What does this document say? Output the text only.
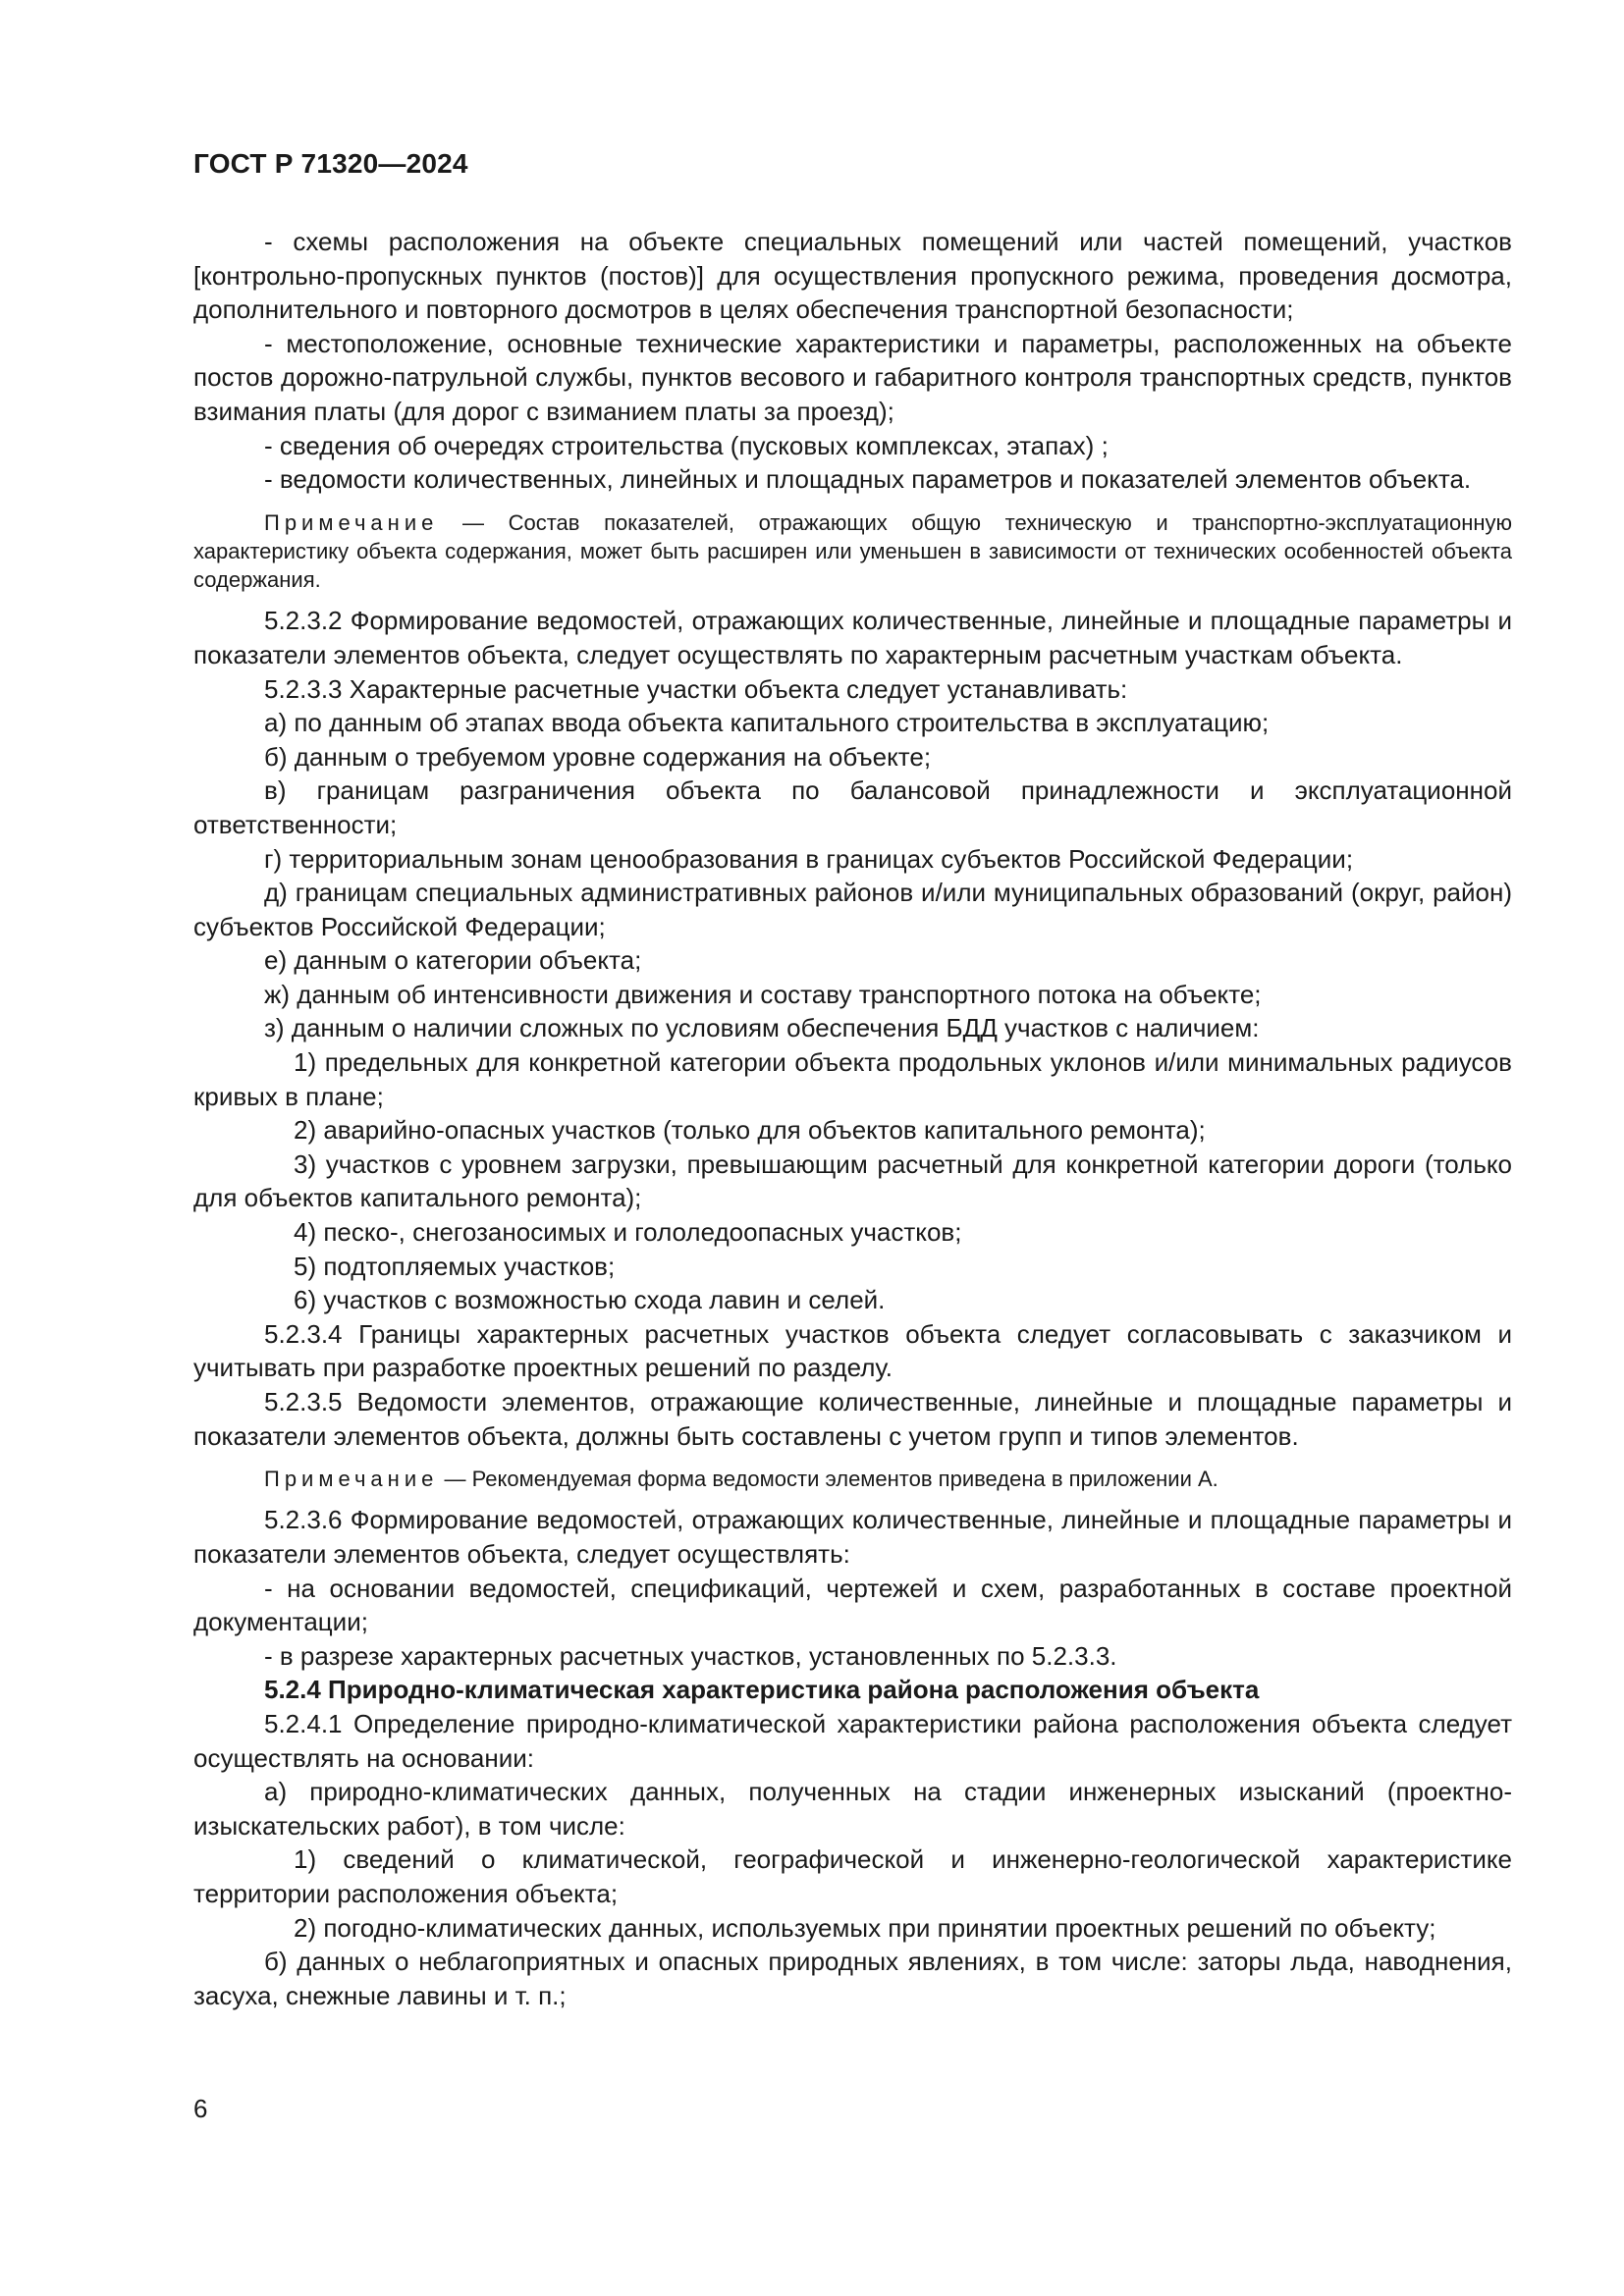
ГОСТ Р 71320—2024

- схемы расположения на объекте специальных помещений или частей помещений, участков [контрольно-пропускных пунктов (постов)] для осуществления пропускного режима, проведения досмотра, дополнительного и повторного досмотров в целях обеспечения транспортной безопасности;

- местоположение, основные технические характеристики и параметры, расположенных на объекте постов дорожно-патрульной службы, пунктов весового и габаритного контроля транспортных средств, пунктов взимания платы (для дорог с взиманием платы за проезд);

- сведения об очередях строительства (пусковых комплексах, этапах) ;

- ведомости количественных, линейных и площадных параметров и показателей элементов объекта.

Примечание — Состав показателей, отражающих общую техническую и транспортно-эксплуатационную характеристику объекта содержания, может быть расширен или уменьшен в зависимости от технических особенностей объекта содержания.

5.2.3.2 Формирование ведомостей, отражающих количественные, линейные и площадные параметры и показатели элементов объекта, следует осуществлять по характерным расчетным участкам объекта.

5.2.3.3 Характерные расчетные участки объекта следует устанавливать:

а) по данным об этапах ввода объекта капитального строительства в эксплуатацию;

б) данным о требуемом уровне содержания на объекте;

в) границам разграничения объекта по балансовой принадлежности и эксплуатационной ответственности;

г) территориальным зонам ценообразования в границах субъектов Российской Федерации;

д) границам специальных административных районов и/или муниципальных образований (округ, район) субъектов Российской Федерации;

е) данным о категории объекта;

ж) данным об интенсивности движения и составу транспортного потока на объекте;

з) данным о наличии сложных по условиям обеспечения БДД участков с наличием:

1) предельных для конкретной категории объекта продольных уклонов и/или минимальных радиусов кривых в плане;

2) аварийно-опасных участков (только для объектов капитального ремонта);

3) участков с уровнем загрузки, превышающим расчетный для конкретной категории дороги (только для объектов капитального ремонта);

4) песко-, снегозаносимых и гололедоопасных участков;

5) подтопляемых участков;

6) участков с возможностью схода лавин и селей.

5.2.3.4 Границы характерных расчетных участков объекта следует согласовывать с заказчиком и учитывать при разработке проектных решений по разделу.

5.2.3.5 Ведомости элементов, отражающие количественные, линейные и площадные параметры и показатели элементов объекта, должны быть составлены с учетом групп и типов элементов.

Примечание — Рекомендуемая форма ведомости элементов приведена в приложении А.

5.2.3.6 Формирование ведомостей, отражающих количественные, линейные и площадные параметры и показатели элементов объекта, следует осуществлять:

- на основании ведомостей, спецификаций, чертежей и схем, разработанных в составе проектной документации;

- в разрезе характерных расчетных участков, установленных по 5.2.3.3.

5.2.4 Природно-климатическая характеристика района расположения объекта

5.2.4.1 Определение природно-климатической характеристики района расположения объекта следует осуществлять на основании:

а) природно-климатических данных, полученных на стадии инженерных изысканий (проектно-изыскательских работ), в том числе:

1) сведений о климатической, географической и инженерно-геологической характеристике территории расположения объекта;

2) погодно-климатических данных, используемых при принятии проектных решений по объекту;

б) данных о неблагоприятных и опасных природных явлениях, в том числе: заторы льда, наводнения, засуха, снежные лавины и т. п.;

6
